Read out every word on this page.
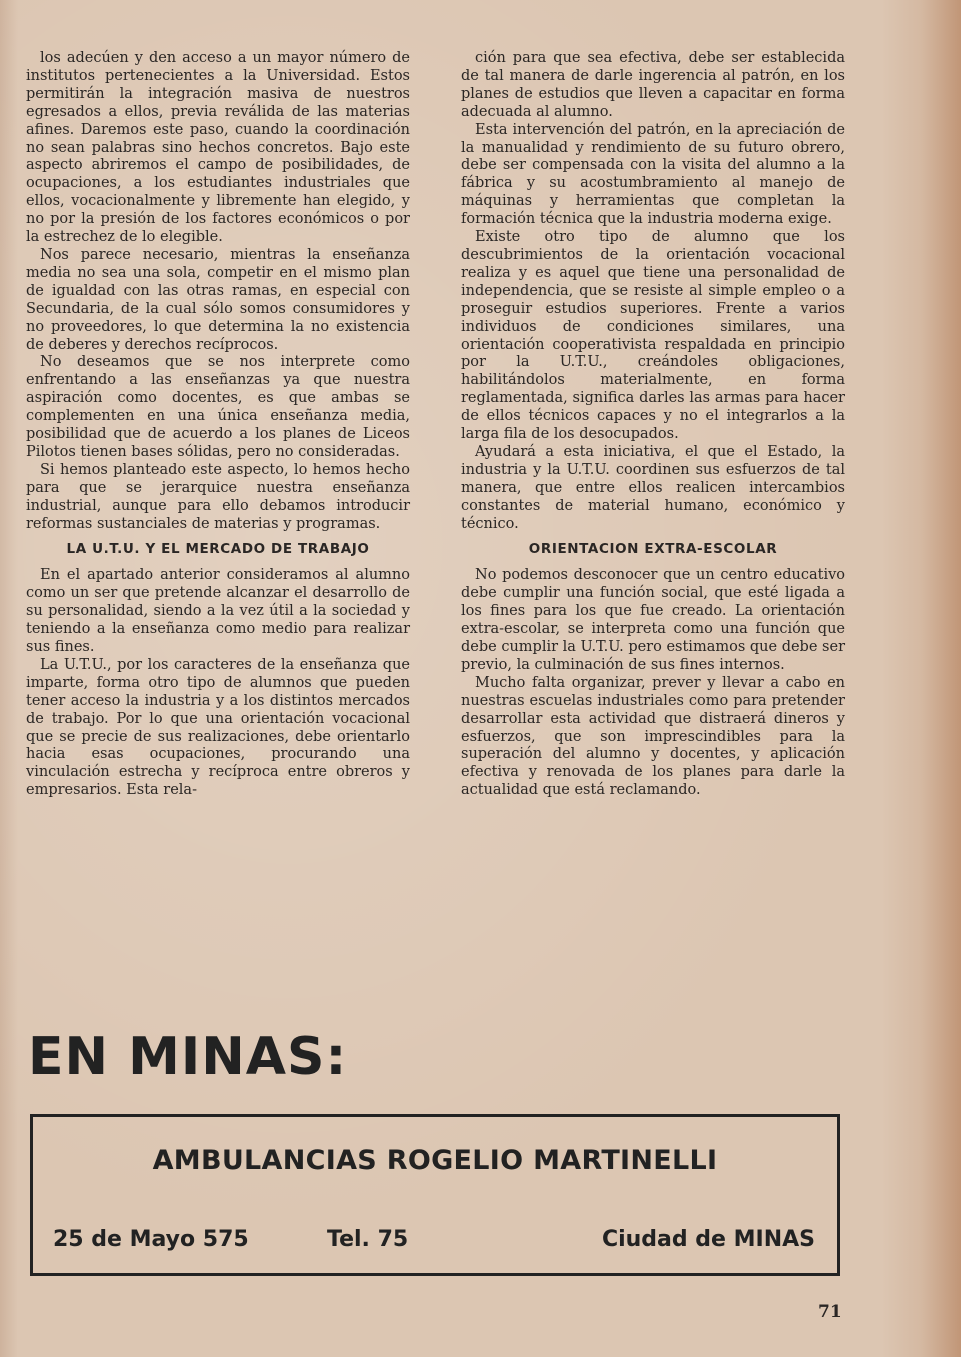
los adecúen y den acceso a un mayor número de institutos pertenecientes a la Universidad. Estos permitirán la integración masiva de nuestros egresados a ellos, previa reválida de las materias afines. Daremos este paso, cuando la coordinación no sean palabras sino hechos concretos. Bajo este aspecto abriremos el campo de posibilidades, de ocupaciones, a los estudiantes industriales que ellos, vocacionalmente y libremente han elegido, y no por la presión de los factores económicos o por la estrechez de lo elegible.

Nos parece necesario, mientras la enseñanza media no sea una sola, competir en el mismo plan de igualdad con las otras ramas, en especial con Secundaria, de la cual sólo somos consumidores y no proveedores, lo que determina la no existencia de deberes y derechos recíprocos.

No deseamos que se nos interprete como enfrentando a las enseñanzas ya que nuestra aspiración como docentes, es que ambas se complementen en una única enseñanza media, posibilidad que de acuerdo a los planes de Liceos Pilotos tienen bases sólidas, pero no consideradas.

Si hemos planteado este aspecto, lo hemos hecho para que se jerarquice nuestra enseñanza industrial, aunque para ello debamos introducir reformas sustanciales de materias y programas.

LA U.T.U. Y EL MERCADO DE TRABAJO

En el apartado anterior consideramos al alumno como un ser que pretende alcanzar el desarrollo de su personalidad, siendo a la vez útil a la sociedad y teniendo a la enseñanza como medio para realizar sus fines.

La U.T.U., por los caracteres de la enseñanza que imparte, forma otro tipo de alumnos que pueden tener acceso la industria y a los distintos mercados de trabajo. Por lo que una orientación vocacional que se precie de sus realizaciones, debe orientarlo hacia esas ocupaciones, procurando una vinculación estrecha y recíproca entre obreros y empresarios. Esta rela-

ción para que sea efectiva, debe ser establecida de tal manera de darle ingerencia al patrón, en los planes de estudios que lleven a capacitar en forma adecuada al alumno.

Esta intervención del patrón, en la apreciación de la manualidad y rendimiento de su futuro obrero, debe ser compensada con la visita del alumno a la fábrica y su acostumbramiento al manejo de máquinas y herramientas que completan la formación técnica que la industria moderna exige.

Existe otro tipo de alumno que los descubrimientos de la orientación vocacional realiza y es aquel que tiene una personalidad de independencia, que se resiste al simple empleo o a proseguir estudios superiores. Frente a varios individuos de condiciones similares, una orientación cooperativista respaldada en principio por la U.T.U., creándoles obligaciones, habilitándolos materialmente, en forma reglamentada, significa darles las armas para hacer de ellos técnicos capaces y no el integrarlos a la larga fila de los desocupados.

Ayudará a esta iniciativa, el que el Estado, la industria y la U.T.U. coordinen sus esfuerzos de tal manera, que entre ellos realicen intercambios constantes de material humano, económico y técnico.

ORIENTACION EXTRA-ESCOLAR

No podemos desconocer que un centro educativo debe cumplir una función social, que esté ligada a los fines para los que fue creado. La orientación extra-escolar, se interpreta como una función que debe cumplir la U.T.U. pero estimamos que debe ser previo, la culminación de sus fines internos.

Mucho falta organizar, prever y llevar a cabo en nuestras escuelas industriales como para pretender desarrollar esta actividad que distraerá dineros y esfuerzos, que son imprescindibles para la superación del alumno y docentes, y aplicación efectiva y renovada de los planes para darle la actualidad que está reclamando.

EN MINAS:
AMBULANCIAS ROGELIO MARTINELLI
25 de Mayo 575	Tel. 75	Ciudad de MINAS
71
